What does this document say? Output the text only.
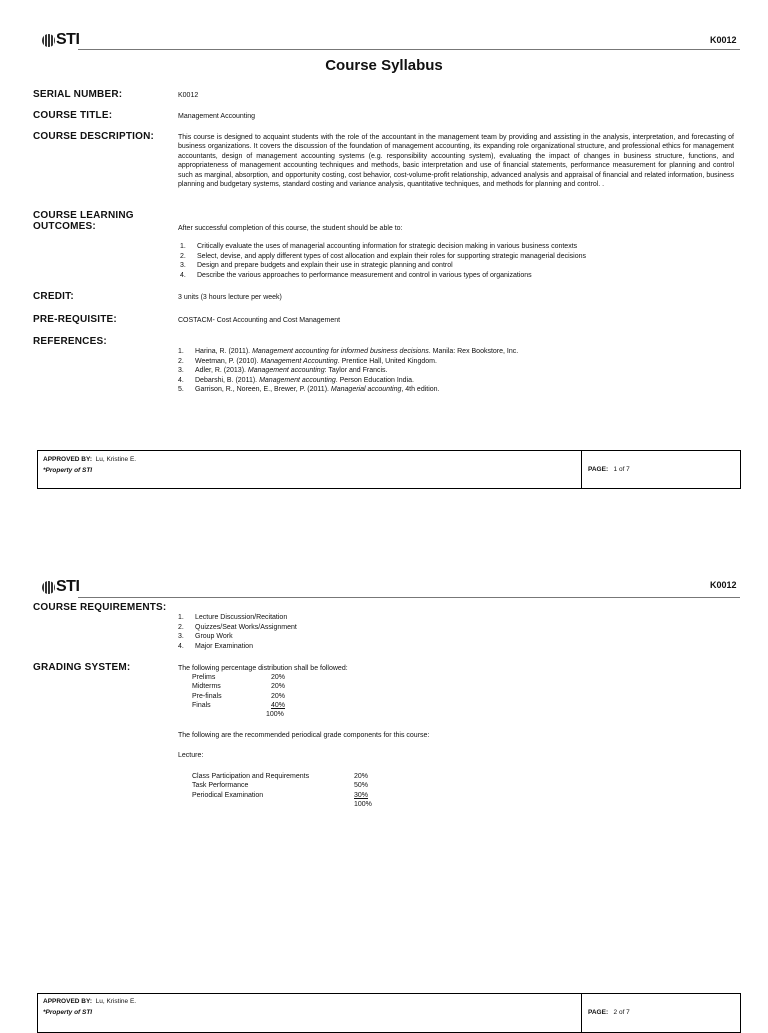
STI	K0012
Course Syllabus
SERIAL NUMBER:	K0012
COURSE TITLE:	Management Accounting
COURSE DESCRIPTION:	This course is designed to acquaint students with the role of the accountant in the management team by providing and assisting in the analysis, interpretation, and forecasting of business organizations. It covers the discussion of the foundation of management accounting, its expanding role organizational structure, and professional ethics for management accountants, design of management accounting systems (e.g. responsibility accounting system), evaluating the impact of changes in business structure, functions, and appropriateness of management accounting techniques and methods, basic interpretation and use of financial statements, performance measurement for planning and control such as marginal, absorption, and opportunity costing, cost behavior, cost-volume-profit relationship, advanced analysis and appraisal of financial and related information, business planning and budgetary systems, standard costing and variance analysis, quantitative techniques, and methods for planning and control. .
COURSE LEARNING
OUTCOMES:	After successful completion of this course, the student should be able to:
1. Critically evaluate the uses of managerial accounting information for strategic decision making in various business contexts
2. Select, devise, and apply different types of cost allocation and explain their roles for supporting strategic managerial decisions
3. Design and prepare budgets and explain their use in strategic planning and control
4. Describe the various approaches to performance measurement and control in various types of organizations
CREDIT:	3 units (3 hours lecture per week)
PRE-REQUISITE:	COSTACM- Cost Accounting and Cost Management
REFERENCES:
1. Harina, R. (2011). Management accounting for informed business decisions. Manila: Rex Bookstore, Inc.
2. Weetman, P. (2010). Management Accounting. Prentice Hall, United Kingdom.
3. Adler, R. (2013). Management accounting: Taylor and Francis.
4. Debarshi, B. (2011). Management accounting. Person Education India.
5. Garrison, R., Noreen, E., Brewer, P. (2011). Managerial accounting, 4th edition.
APPROVED BY: Lu, Kristine E.
*Property of STI	PAGE: 1 of 7
STI	K0012
COURSE REQUIREMENTS:
1. Lecture Discussion/Recitation
2. Quizzes/Seat Works/Assignment
3. Group Work
4. Major Examination
GRADING SYSTEM:	The following percentage distribution shall be followed:
Prelims	20%
Midterms	20%
Pre-finals	20%
Finals	40%
100%
The following are the recommended periodical grade components for this course:
Lecture:
Class Participation and Requirements	20%
Task Performance	50%
Periodical Examination	30%
100%
APPROVED BY: Lu, Kristine E.
*Property of STI	PAGE: 2 of 7
